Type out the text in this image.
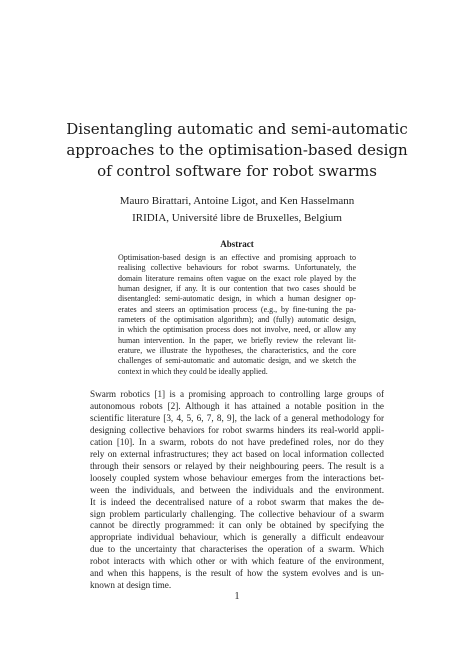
Disentangling automatic and semi-automatic
approaches to the optimisation-based design
of control software for robot swarms
Mauro Birattari, Antoine Ligot, and Ken Hasselmann
IRIDIA, Université libre de Bruxelles, Belgium
Abstract
Optimisation-based design is an effective and promising approach to
realising collective behaviours for robot swarms. Unfortunately, the
domain literature remains often vague on the exact role played by the
human designer, if any. It is our contention that two cases should be
disentangled: semi-automatic design, in which a human designer op-
erates and steers an optimisation process (e.g., by fine-tuning the pa-
rameters of the optimisation algorithm); and (fully) automatic design,
in which the optimisation process does not involve, need, or allow any
human intervention. In the paper, we briefly review the relevant lit-
erature, we illustrate the hypotheses, the characteristics, and the core
challenges of semi-automatic and automatic design, and we sketch the
context in which they could be ideally applied.
Swarm robotics [1] is a promising approach to controlling large groups of
autonomous robots [2]. Although it has attained a notable position in the
scientific literature [3, 4, 5, 6, 7, 8, 9], the lack of a general methodology for
designing collective behaviors for robot swarms hinders its real-world appli-
cation [10]. In a swarm, robots do not have predefined roles, nor do they
rely on external infrastructures; they act based on local information collected
through their sensors or relayed by their neighbouring peers. The result is a
loosely coupled system whose behaviour emerges from the interactions bet-
ween the individuals, and between the individuals and the environment.
It is indeed the decentralised nature of a robot swarm that makes the de-
sign problem particularly challenging. The collective behaviour of a swarm
cannot be directly programmed: it can only be obtained by specifying the
appropriate individual behaviour, which is generally a difficult endeavour
due to the uncertainty that characterises the operation of a swarm. Which
robot interacts with which other or with which feature of the environment,
and when this happens, is the result of how the system evolves and is un-
known at design time.
1
